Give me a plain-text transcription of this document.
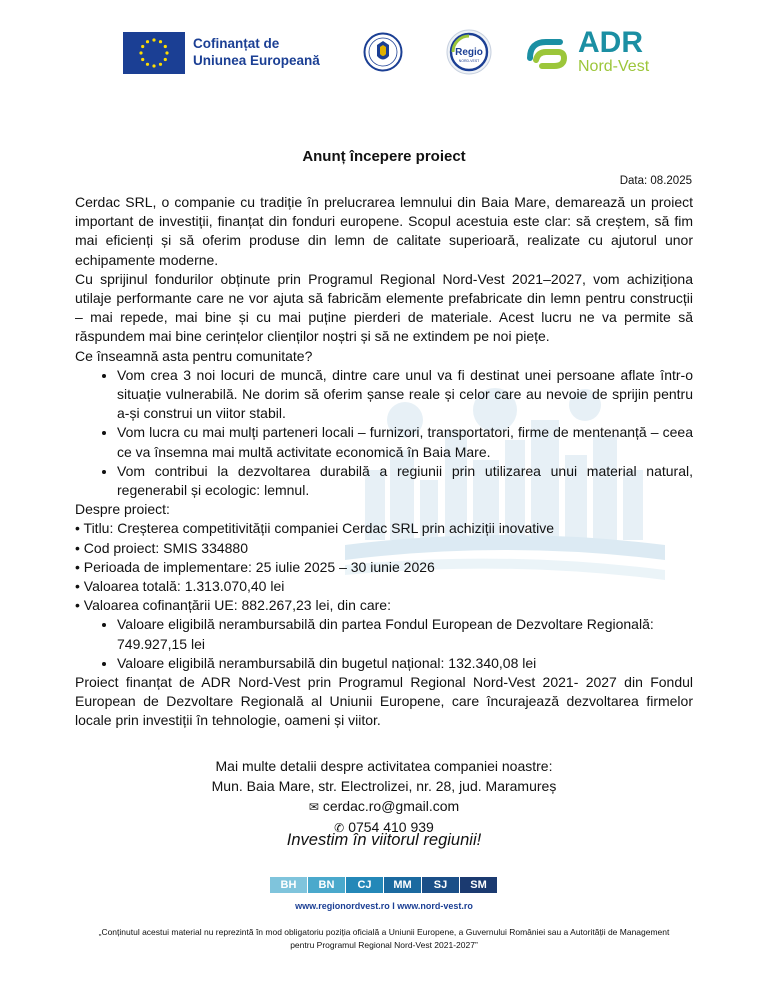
Cofinanțat de
Uniunea Europeană
Regio
NORD-VEST
ADR
Nord-Vest
Anunț începere proiect
Data: 08.2025

Cerdac SRL, o companie cu tradiție în prelucrarea lemnului din Baia Mare, demarează un proiect important de investiții, finanțat din fonduri europene. Scopul acestuia este clar: să creștem, să fim mai eficienți și să oferim produse din lemn de calitate superioară, realizate cu ajutorul unor echipamente moderne.

Cu sprijinul fondurilor obținute prin Programul Regional Nord-Vest 2021–2027, vom achiziționa utilaje performante care ne vor ajuta să fabricăm elemente prefabricate din lemn pentru construcții – mai repede, mai bine și cu mai puține pierderi de materiale. Acest lucru ne va permite să răspundem mai bine cerințelor clienților noștri și să ne extindem pe noi piețe.

Ce înseamnă asta pentru comunitate?

• Vom crea 3 noi locuri de muncă, dintre care unul va fi destinat unei persoane aflate într-o situație vulnerabilă. Ne dorim să oferim șanse reale și celor care au nevoie de sprijin pentru a-și construi un viitor stabil.
• Vom lucra cu mai mulți parteneri locali – furnizori, transportatori, firme de mentenanță – ceea ce va însemna mai multă activitate economică în Baia Mare.
• Vom contribui la dezvoltarea durabilă a regiunii prin utilizarea unui material natural, regenerabil și ecologic: lemnul.

Despre proiect:

• Titlu: Creșterea competitivității companiei Cerdac SRL prin achiziții inovative
• Cod proiect: SMIS 334880
• Perioada de implementare: 25 iulie 2025 – 30 iunie 2026
• Valoarea totală: 1.313.070,40 lei
• Valoarea cofinanțării UE: 882.267,23 lei, din care:
• Valoare eligibilă nerambursabilă din partea Fondul European de Dezvoltare Regională: 749.927,15 lei
• Valoare eligibilă nerambursabilă din bugetul național: 132.340,08 lei

Proiect finanțat de ADR Nord-Vest prin Programul Regional Nord-Vest 2021- 2027 din Fondul European de Dezvoltare Regională al Uniunii Europene, care încurajează dezvoltarea firmelor locale prin investiții în tehnologie, oameni și viitor.

Mai multe detalii despre activitatea companiei noastre:
Mun. Baia Mare, str. Electrolizei, nr. 28, jud. Maramureș
✉ cerdac.ro@gmail.com
✆ 0754 410 939
Investim în viitorul regiunii!
BH	BN	CJ	MM	SJ	SM
www.regionordvest.ro I www.nord-vest.ro
„Conținutul acestui material nu reprezintă în mod obligatoriu poziția oficială a Uniunii Europene, a Guvernului României sau a Autorității de Management pentru Programul Regional Nord-Vest 2021-2027”
